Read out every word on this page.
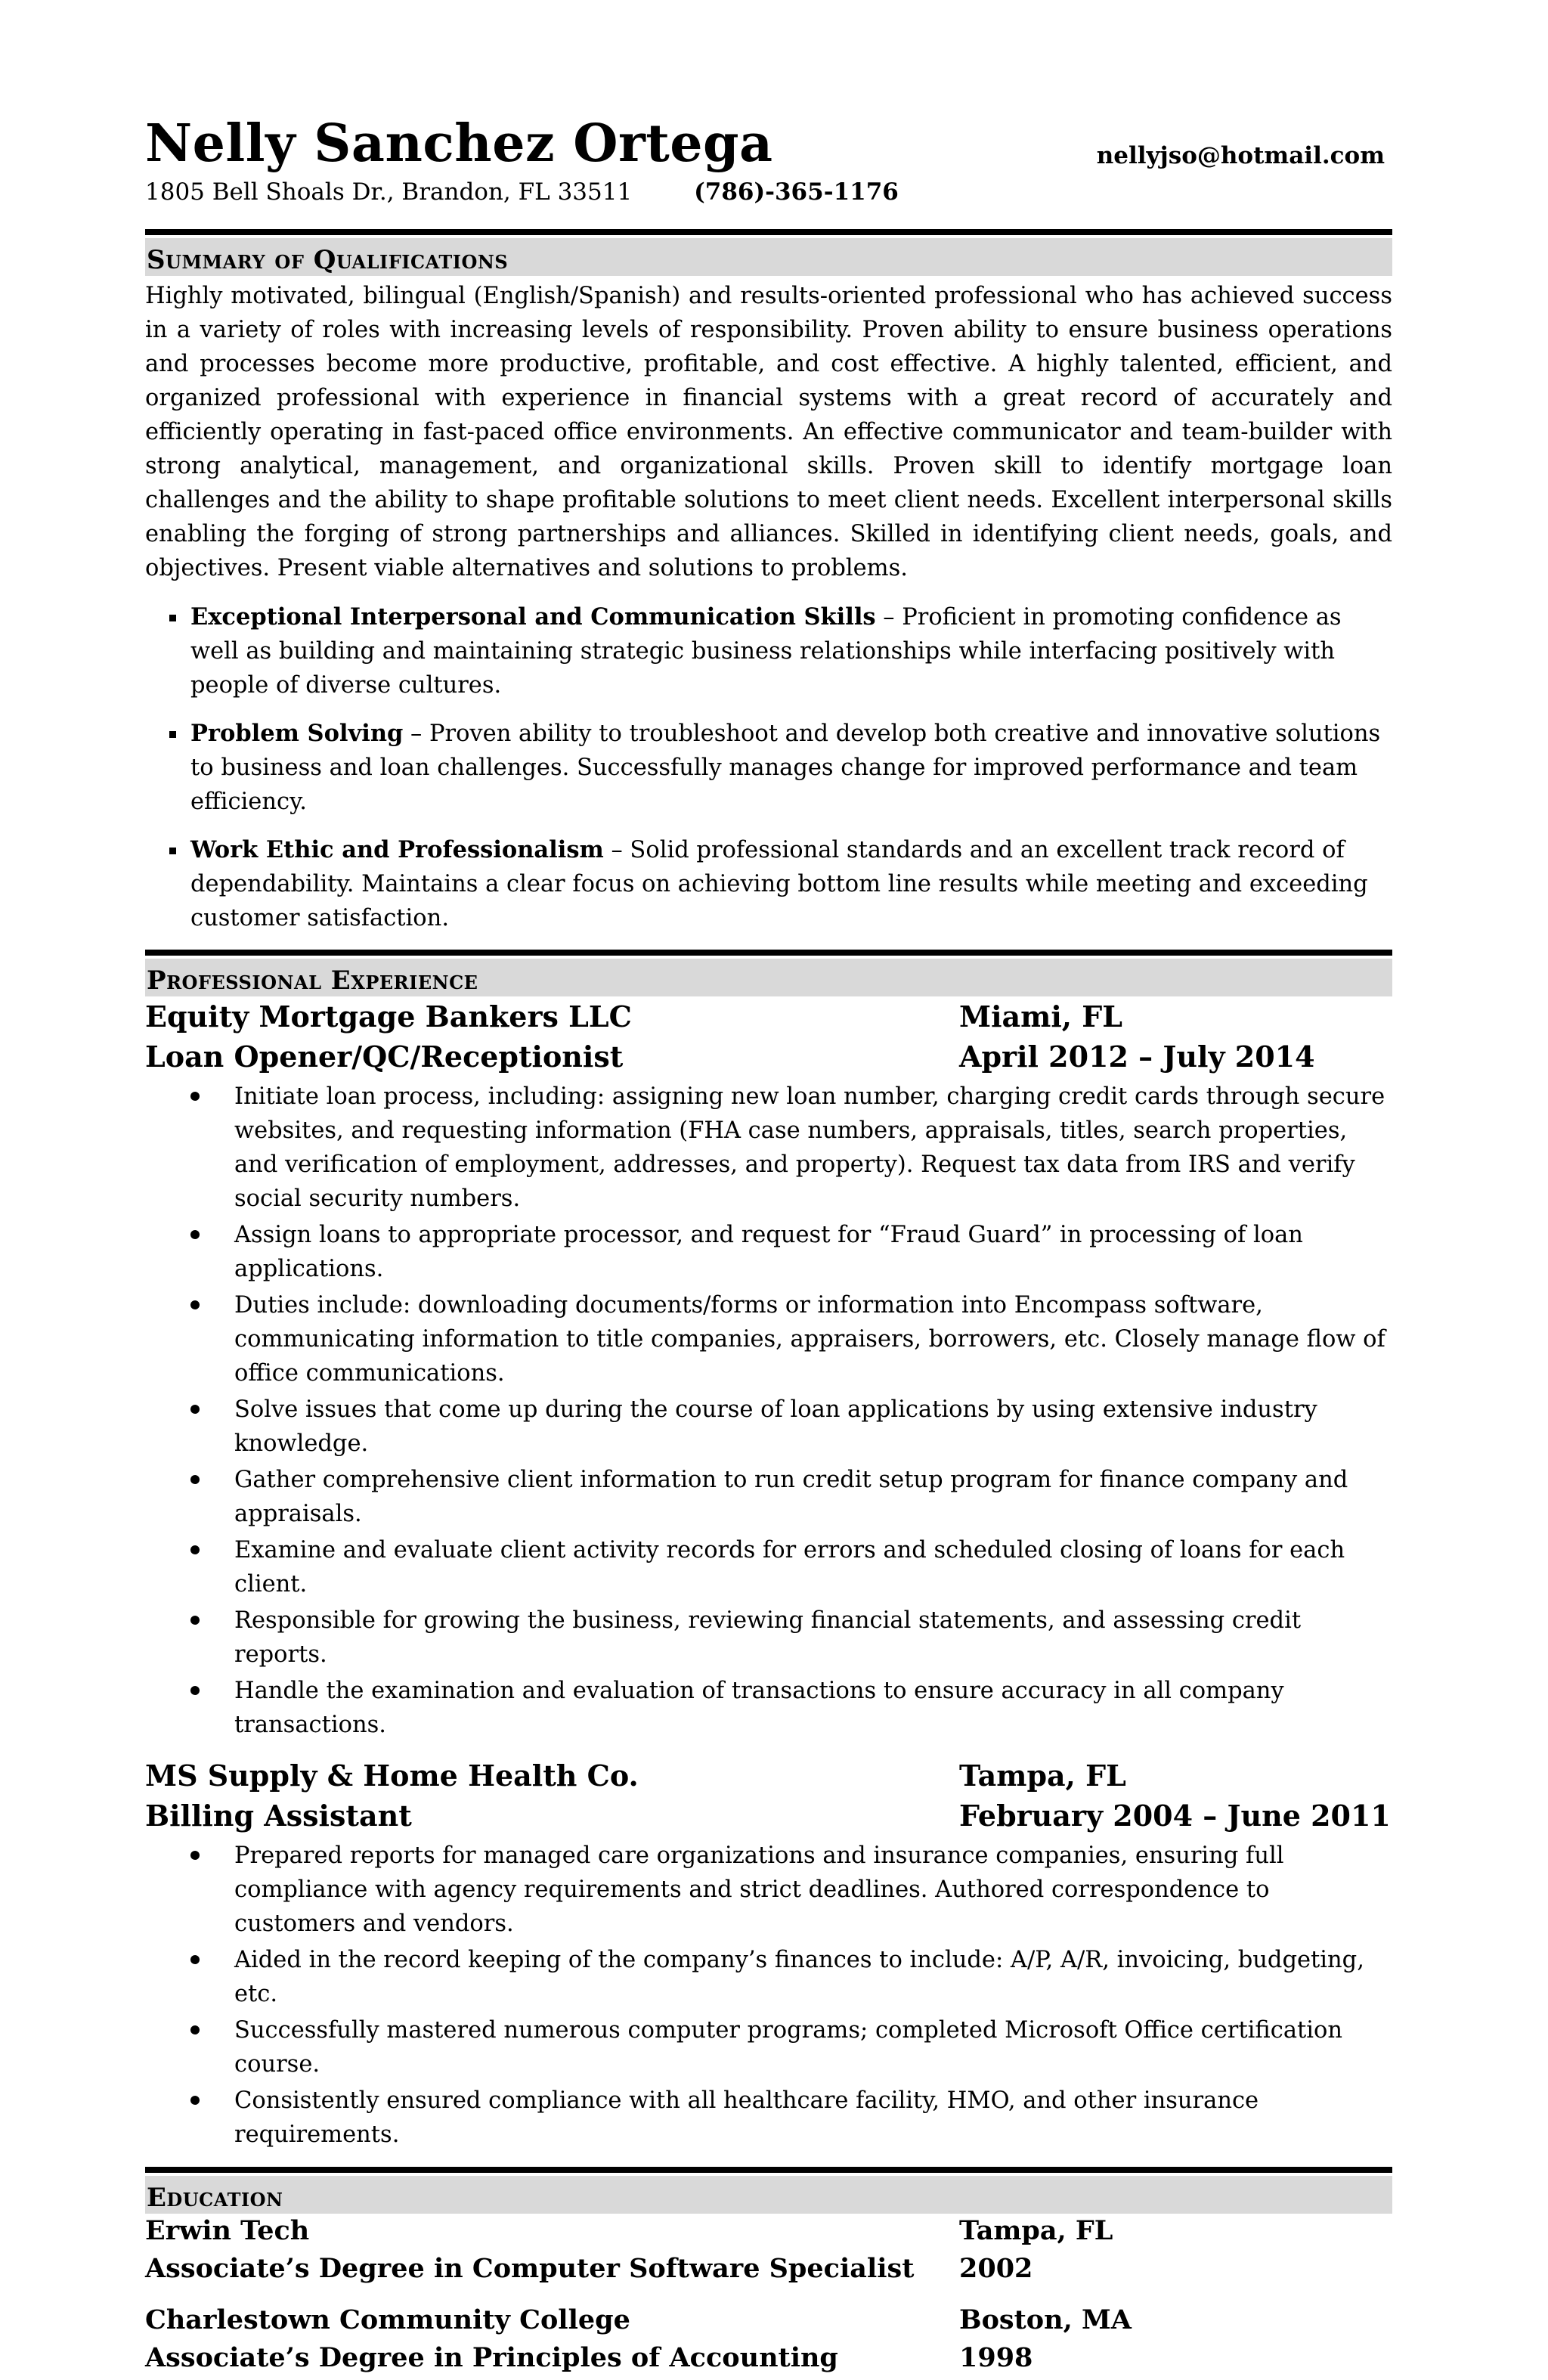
Nelly Sanchez Ortega	nellyjso@hotmail.com
1805 Bell Shoals Dr., Brandon, FL 33511	(786)-365-1176
Summary of Qualifications
Highly motivated, bilingual (English/Spanish) and results-oriented professional who has achieved success in a variety of roles with increasing levels of responsibility. Proven ability to ensure business operations and processes become more productive, profitable, and cost effective. A highly talented, efficient, and organized professional with experience in financial systems with a great record of accurately and efficiently operating in fast-paced office environments. An effective communicator and team-builder with strong analytical, management, and organizational skills. Proven skill to identify mortgage loan challenges and the ability to shape profitable solutions to meet client needs. Excellent interpersonal skills enabling the forging of strong partnerships and alliances. Skilled in identifying client needs, goals, and objectives. Present viable alternatives and solutions to problems.
Exceptional Interpersonal and Communication Skills – Proficient in promoting confidence as well as building and maintaining strategic business relationships while interfacing positively with people of diverse cultures.
Problem Solving – Proven ability to troubleshoot and develop both creative and innovative solutions to business and loan challenges. Successfully manages change for improved performance and team efficiency.
Work Ethic and Professionalism – Solid professional standards and an excellent track record of dependability. Maintains a clear focus on achieving bottom line results while meeting and exceeding customer satisfaction.
Professional Experience
Equity Mortgage Bankers LLC	Miami, FL
Loan Opener/QC/Receptionist	April 2012 – July 2014
Initiate loan process, including: assigning new loan number, charging credit cards through secure websites, and requesting information (FHA case numbers, appraisals, titles, search properties, and verification of employment, addresses, and property). Request tax data from IRS and verify social security numbers.
Assign loans to appropriate processor, and request for “Fraud Guard” in processing of loan applications.
Duties include: downloading documents/forms or information into Encompass software, communicating information to title companies, appraisers, borrowers, etc. Closely manage flow of office communications.
Solve issues that come up during the course of loan applications by using extensive industry knowledge.
Gather comprehensive client information to run credit setup program for finance company and appraisals.
Examine and evaluate client activity records for errors and scheduled closing of loans for each client.
Responsible for growing the business, reviewing financial statements, and assessing credit reports.
Handle the examination and evaluation of transactions to ensure accuracy in all company transactions.
MS Supply & Home Health Co.	Tampa, FL
Billing Assistant	February 2004 – June 2011
Prepared reports for managed care organizations and insurance companies, ensuring full compliance with agency requirements and strict deadlines. Authored correspondence to customers and vendors.
Aided in the record keeping of the company’s finances to include: A/P, A/R, invoicing, budgeting, etc.
Successfully mastered numerous computer programs; completed Microsoft Office certification course.
Consistently ensured compliance with all healthcare facility, HMO, and other insurance requirements.
Education
Erwin Tech	Tampa, FL
Associate’s Degree in Computer Software Specialist 2002
Charlestown Community College	Boston, MA
Associate’s Degree in Principles of Accounting	1998
